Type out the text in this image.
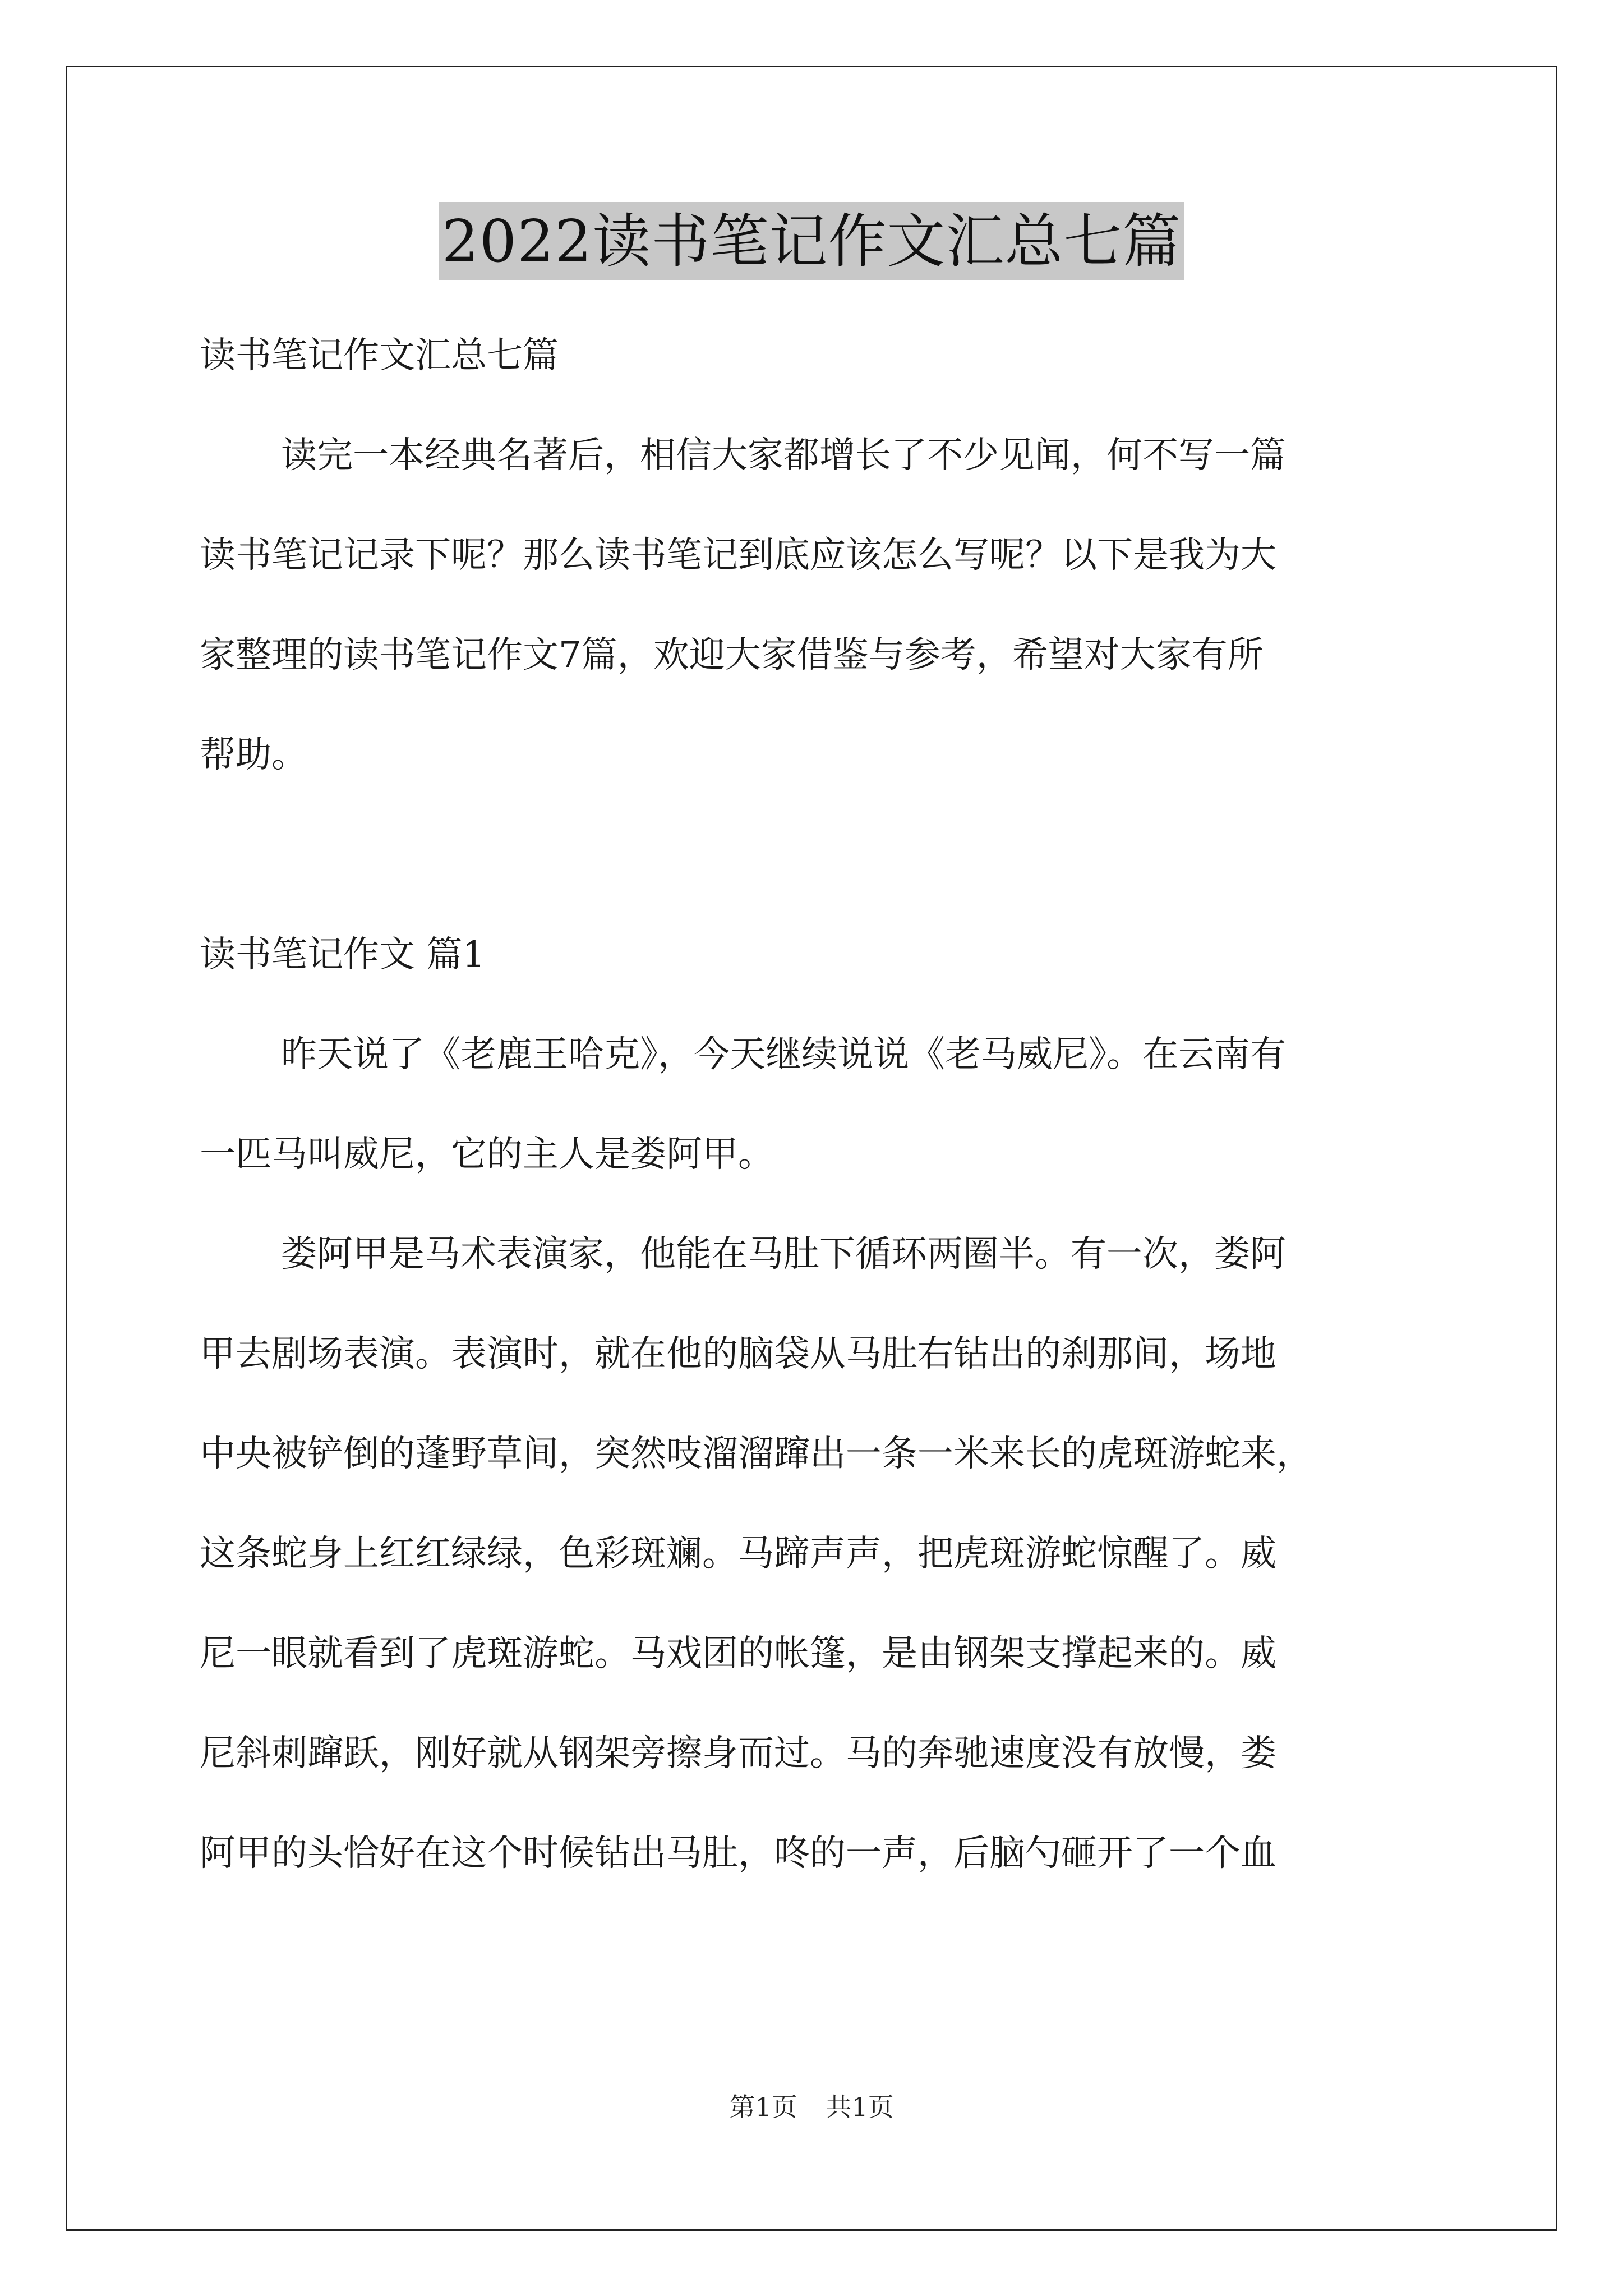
2022读书笔记作文汇总七篇
读书笔记作文汇总七篇
读完一本经典名著后，相信大家都增长了不少见闻，何不写一篇
读书笔记记录下呢？那么读书笔记到底应该怎么写呢？以下是我为大
家整理的读书笔记作文7篇，欢迎大家借鉴与参考，希望对大家有所
帮助。
读书笔记作文 篇1
昨天说了《老鹿王哈克》，今天继续说说《老马威尼》。在云南有
一匹马叫威尼，它的主人是娄阿甲。
娄阿甲是马术表演家，他能在马肚下循环两圈半。有一次，娄阿
甲去剧场表演。表演时，就在他的脑袋从马肚右钻出的刹那间，场地
中央被铲倒的蓬野草间，突然吱溜溜蹿出一条一米来长的虎斑游蛇来，
这条蛇身上红红绿绿，色彩斑斓。马蹄声声，把虎斑游蛇惊醒了。威
尼一眼就看到了虎斑游蛇。马戏团的帐篷，是由钢架支撑起来的。威
尼斜刺蹿跃，刚好就从钢架旁擦身而过。马的奔驰速度没有放慢，娄
阿甲的头恰好在这个时候钻出马肚，咚的一声，后脑勺砸开了一个血
第1页 共1页
